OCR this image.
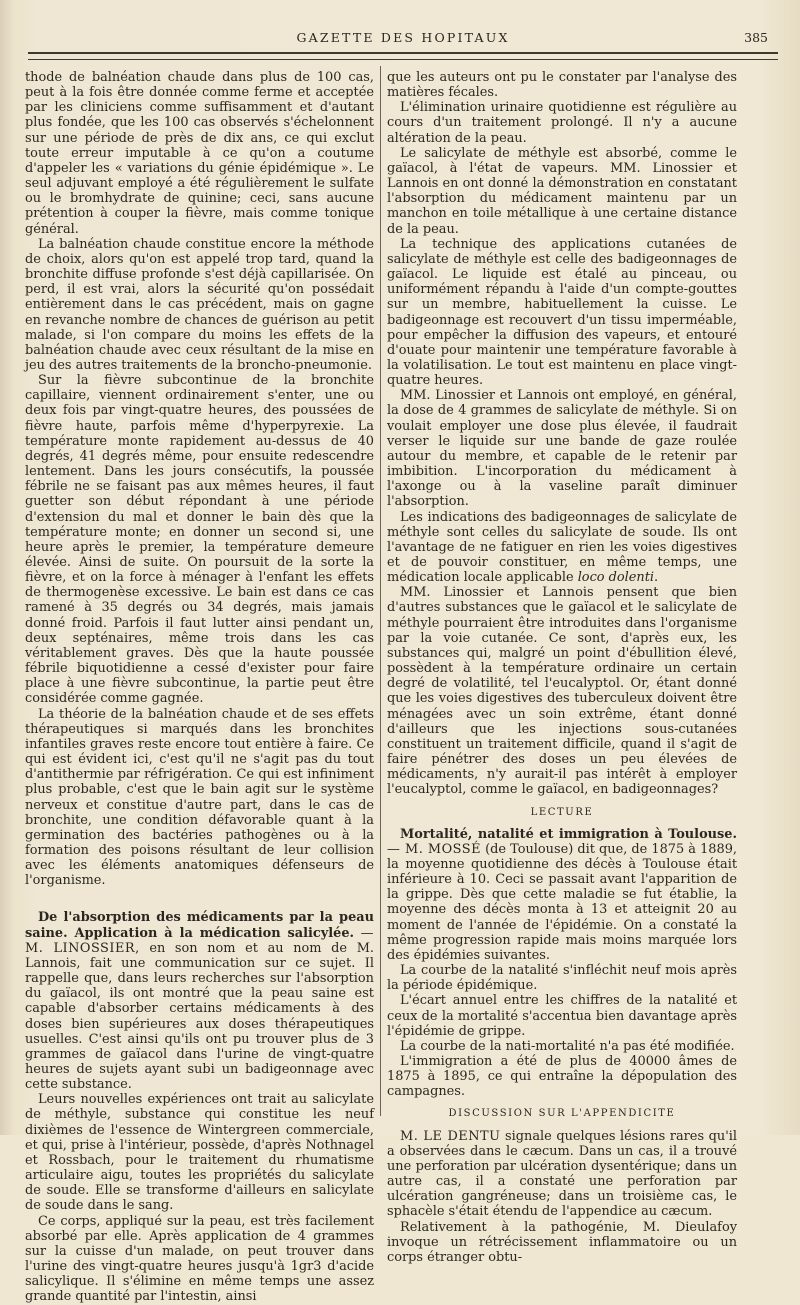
GAZETTE DES HOPITAUX	385

thode de balnéation chaude dans plus de 100 cas, peut à la fois être donnée comme ferme et acceptée par les cliniciens comme suffisamment et d'autant plus fondée, que les 100 cas observés s'échelonnent sur une période de près de dix ans, ce qui exclut toute erreur imputable à ce qu'on a coutume d'appeler les « variations du génie épidémique ». Le seul adjuvant employé a été régulièrement le sulfate ou le bromhydrate de quinine; ceci, sans aucune prétention à couper la fièvre, mais comme tonique général.

La balnéation chaude constitue encore la méthode de choix, alors qu'on est appelé trop tard, quand la bronchite diffuse profonde s'est déjà capillarisée. On perd, il est vrai, alors la sécurité qu'on possédait entièrement dans le cas précédent, mais on gagne en revanche nombre de chances de guérison au petit malade, si l'on compare du moins les effets de la balnéation chaude avec ceux résultant de la mise en jeu des autres traitements de la broncho-pneumonie.

Sur la fièvre subcontinue de la bronchite capillaire, viennent ordinairement s'enter, une ou deux fois par vingt-quatre heures, des poussées de fièvre haute, parfois même d'hyperpyrexie. La température monte rapidement au-dessus de 40 degrés, 41 degrés même, pour ensuite redescendre lentement. Dans les jours consécutifs, la poussée fébrile ne se faisant pas aux mêmes heures, il faut guetter son début répondant à une période d'extension du mal et donner le bain dès que la température monte; en donner un second si, une heure après le premier, la température demeure élevée. Ainsi de suite. On poursuit de la sorte la fièvre, et on la force à ménager à l'enfant les effets de thermogenèse excessive. Le bain est dans ce cas ramené à 35 degrés ou 34 degrés, mais jamais donné froid. Parfois il faut lutter ainsi pendant un, deux septénaires, même trois dans les cas véritablement graves. Dès que la haute poussée fébrile biquotidienne a cessé d'exister pour faire place à une fièvre subcontinue, la partie peut être considérée comme gagnée.

La théorie de la balnéation chaude et de ses effets thérapeutiques si marqués dans les bronchites infantiles graves reste encore tout entière à faire. Ce qui est évident ici, c'est qu'il ne s'agit pas du tout d'antithermie par réfrigération. Ce qui est infiniment plus probable, c'est que le bain agit sur le système nerveux et constitue d'autre part, dans le cas de bronchite, une condition défavorable quant à la germination des bactéries pathogènes ou à la formation des poisons résultant de leur collision avec les éléments anatomiques défenseurs de l'organisme.

De l'absorption des médicaments par la peau saine. Application à la médication salicylée. — M. LINOSSIER, en son nom et au nom de M. Lannois, fait une communication sur ce sujet. Il rappelle que, dans leurs recherches sur l'absorption du gaïacol, ils ont montré que la peau saine est capable d'absorber certains médicaments à des doses bien supérieures aux doses thérapeutiques usuelles. C'est ainsi qu'ils ont pu trouver plus de 3 grammes de gaïacol dans l'urine de vingt-quatre heures de sujets ayant subi un badigeonnage avec cette substance.

Leurs nouvelles expériences ont trait au salicylate de méthyle, substance qui constitue les neuf dixièmes de l'essence de Wintergreen commerciale, et qui, prise à l'intérieur, possède, d'après Nothnagel et Rossbach, pour le traitement du rhumatisme articulaire aigu, toutes les propriétés du salicylate de soude. Elle se transforme d'ailleurs en salicylate de soude dans le sang.

Ce corps, appliqué sur la peau, est très facilement absorbé par elle. Après application de 4 grammes sur la cuisse d'un malade, on peut trouver dans l'urine des vingt-quatre heures jusqu'à 1gr3 d'acide salicylique. Il s'élimine en même temps une assez grande quantité par l'intestin, ainsi

que les auteurs ont pu le constater par l'analyse des matières fécales.

L'élimination urinaire quotidienne est régulière au cours d'un traitement prolongé. Il n'y a aucune altération de la peau.

Le salicylate de méthyle est absorbé, comme le gaïacol, à l'état de vapeurs. MM. Linossier et Lannois en ont donné la démonstration en constatant l'absorption du médicament maintenu par un manchon en toile métallique à une certaine distance de la peau.

La technique des applications cutanées de salicylate de méthyle est celle des badigeonnages de gaïacol. Le liquide est étalé au pinceau, ou uniformément répandu à l'aide d'un compte-gouttes sur un membre, habituellement la cuisse. Le badigeonnage est recouvert d'un tissu imperméable, pour empêcher la diffusion des vapeurs, et entouré d'ouate pour maintenir une température favorable à la volatilisation. Le tout est maintenu en place vingt-quatre heures.

MM. Linossier et Lannois ont employé, en général, la dose de 4 grammes de salicylate de méthyle. Si on voulait employer une dose plus élevée, il faudrait verser le liquide sur une bande de gaze roulée autour du membre, et capable de le retenir par imbibition. L'incorporation du médicament à l'axonge ou à la vaseline paraît diminuer l'absorption.

Les indications des badigeonnages de salicylate de méthyle sont celles du salicylate de soude. Ils ont l'avantage de ne fatiguer en rien les voies digestives et de pouvoir constituer, en même temps, une médication locale applicable loco dolenti.

MM. Linossier et Lannois pensent que bien d'autres substances que le gaïacol et le salicylate de méthyle pourraient être introduites dans l'organisme par la voie cutanée. Ce sont, d'après eux, les substances qui, malgré un point d'ébullition élevé, possèdent à la température ordinaire un certain degré de volatilité, tel l'eucalyptol. Or, étant donné que les voies digestives des tuberculeux doivent être ménagées avec un soin extrême, étant donné d'ailleurs que les injections sous-cutanées constituent un traitement difficile, quand il s'agit de faire pénétrer des doses un peu élevées de médicaments, n'y aurait-il pas intérêt à employer l'eucalyptol, comme le gaïacol, en badigeonnages?

LECTURE

Mortalité, natalité et immigration à Toulouse. — M. MOSSÉ (de Toulouse) dit que, de 1875 à 1889, la moyenne quotidienne des décès à Toulouse était inférieure à 10. Ceci se passait avant l'apparition de la grippe. Dès que cette maladie se fut établie, la moyenne des décès monta à 13 et atteignit 20 au moment de l'année de l'épidémie. On a constaté la même progression rapide mais moins marquée lors des épidémies suivantes.

La courbe de la natalité s'infléchit neuf mois après la période épidémique.

L'écart annuel entre les chiffres de la natalité et ceux de la mortalité s'accentua bien davantage après l'épidémie de grippe.

La courbe de la nati-mortalité n'a pas été modifiée.

L'immigration a été de plus de 40000 âmes de 1875 à 1895, ce qui entraîne la dépopulation des campagnes.

DISCUSSION SUR L'APPENDICITE

M. LE DENTU signale quelques lésions rares qu'il a observées dans le cæcum. Dans un cas, il a trouvé une perforation par ulcération dysentérique; dans un autre cas, il a constaté une perforation par ulcération gangréneuse; dans un troisième cas, le sphacèle s'était étendu de l'appendice au cæcum.

Relativement à la pathogénie, M. Dieulafoy invoque un rétrécissement inflammatoire ou un corps étranger obtu-
